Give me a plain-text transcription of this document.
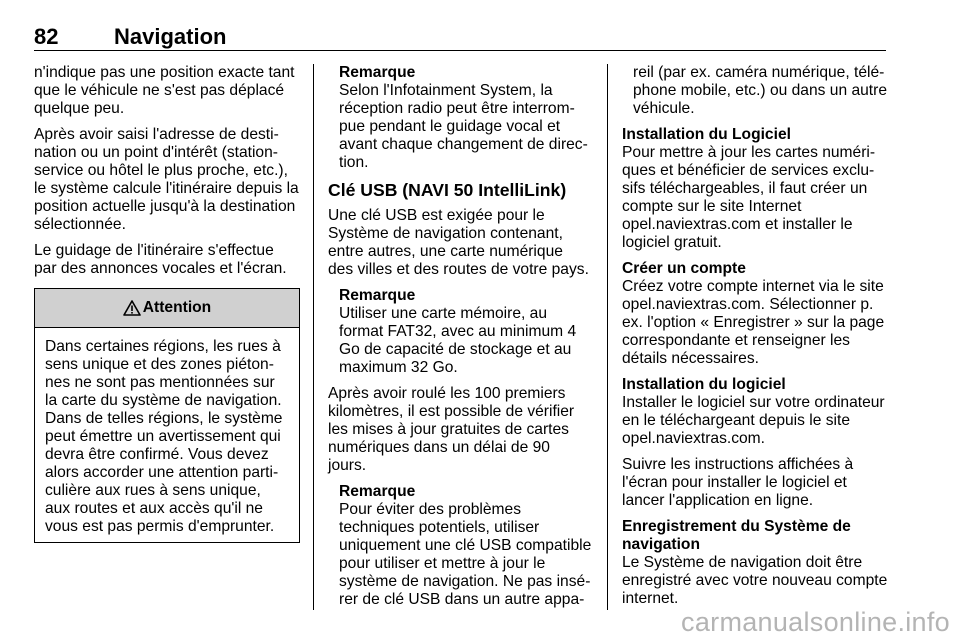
82	Navigation

n'indique pas une position exacte tant que le véhicule ne s'est pas déplacé quelque peu.

Après avoir saisi l'adresse de destination ou un point d'intérêt (station-service ou hôtel le plus proche, etc.), le système calcule l'itinéraire depuis la position actuelle jusqu'à la destination sélectionnée.

Le guidage de l'itinéraire s'effectue par des annonces vocales et l'écran.

Attention
Dans certaines régions, les rues à sens unique et des zones piétonnes ne sont pas mentionnées sur la carte du système de navigation. Dans de telles régions, le système peut émettre un avertissement qui devra être confirmé. Vous devez alors accorder une attention particulière aux rues à sens unique, aux routes et aux accès qu'il ne vous est pas permis d'emprunter.
Remarque

Selon l'Infotainment System, la réception radio peut être interrompue pendant le guidage vocal et avant chaque changement de direction.

Clé USB (NAVI 50 IntelliLink)

Une clé USB est exigée pour le Système de navigation contenant, entre autres, une carte numérique des villes et des routes de votre pays.

Remarque

Utiliser une carte mémoire, au format FAT32, avec au minimum 4 Go de capacité de stockage et au maximum 32 Go.

Après avoir roulé les 100 premiers kilomètres, il est possible de vérifier les mises à jour gratuites de cartes numériques dans un délai de 90 jours.

Remarque

Pour éviter des problèmes techniques potentiels, utiliser uniquement une clé USB compatible pour utiliser et mettre à jour le système de navigation. Ne pas insérer de clé USB dans un autre appa-

reil (par ex. caméra numérique, téléphone mobile, etc.) ou dans un autre véhicule.

Installation du Logiciel

Pour mettre à jour les cartes numériques et bénéficier de services exclusifs téléchargeables, il faut créer un compte sur le site Internet opel.naviextras.com et installer le logiciel gratuit.

Créer un compte

Créez votre compte internet via le site opel.naviextras.com. Sélectionner p. ex. l'option « Enregistrer » sur la page correspondante et renseigner les détails nécessaires.

Installation du logiciel

Installer le logiciel sur votre ordinateur en le téléchargeant depuis le site opel.naviextras.com.

Suivre les instructions affichées à l'écran pour installer le logiciel et lancer l'application en ligne.

Enregistrement du Système de navigation

Le Système de navigation doit être enregistré avec votre nouveau compte internet.

carmanualsonline.info
